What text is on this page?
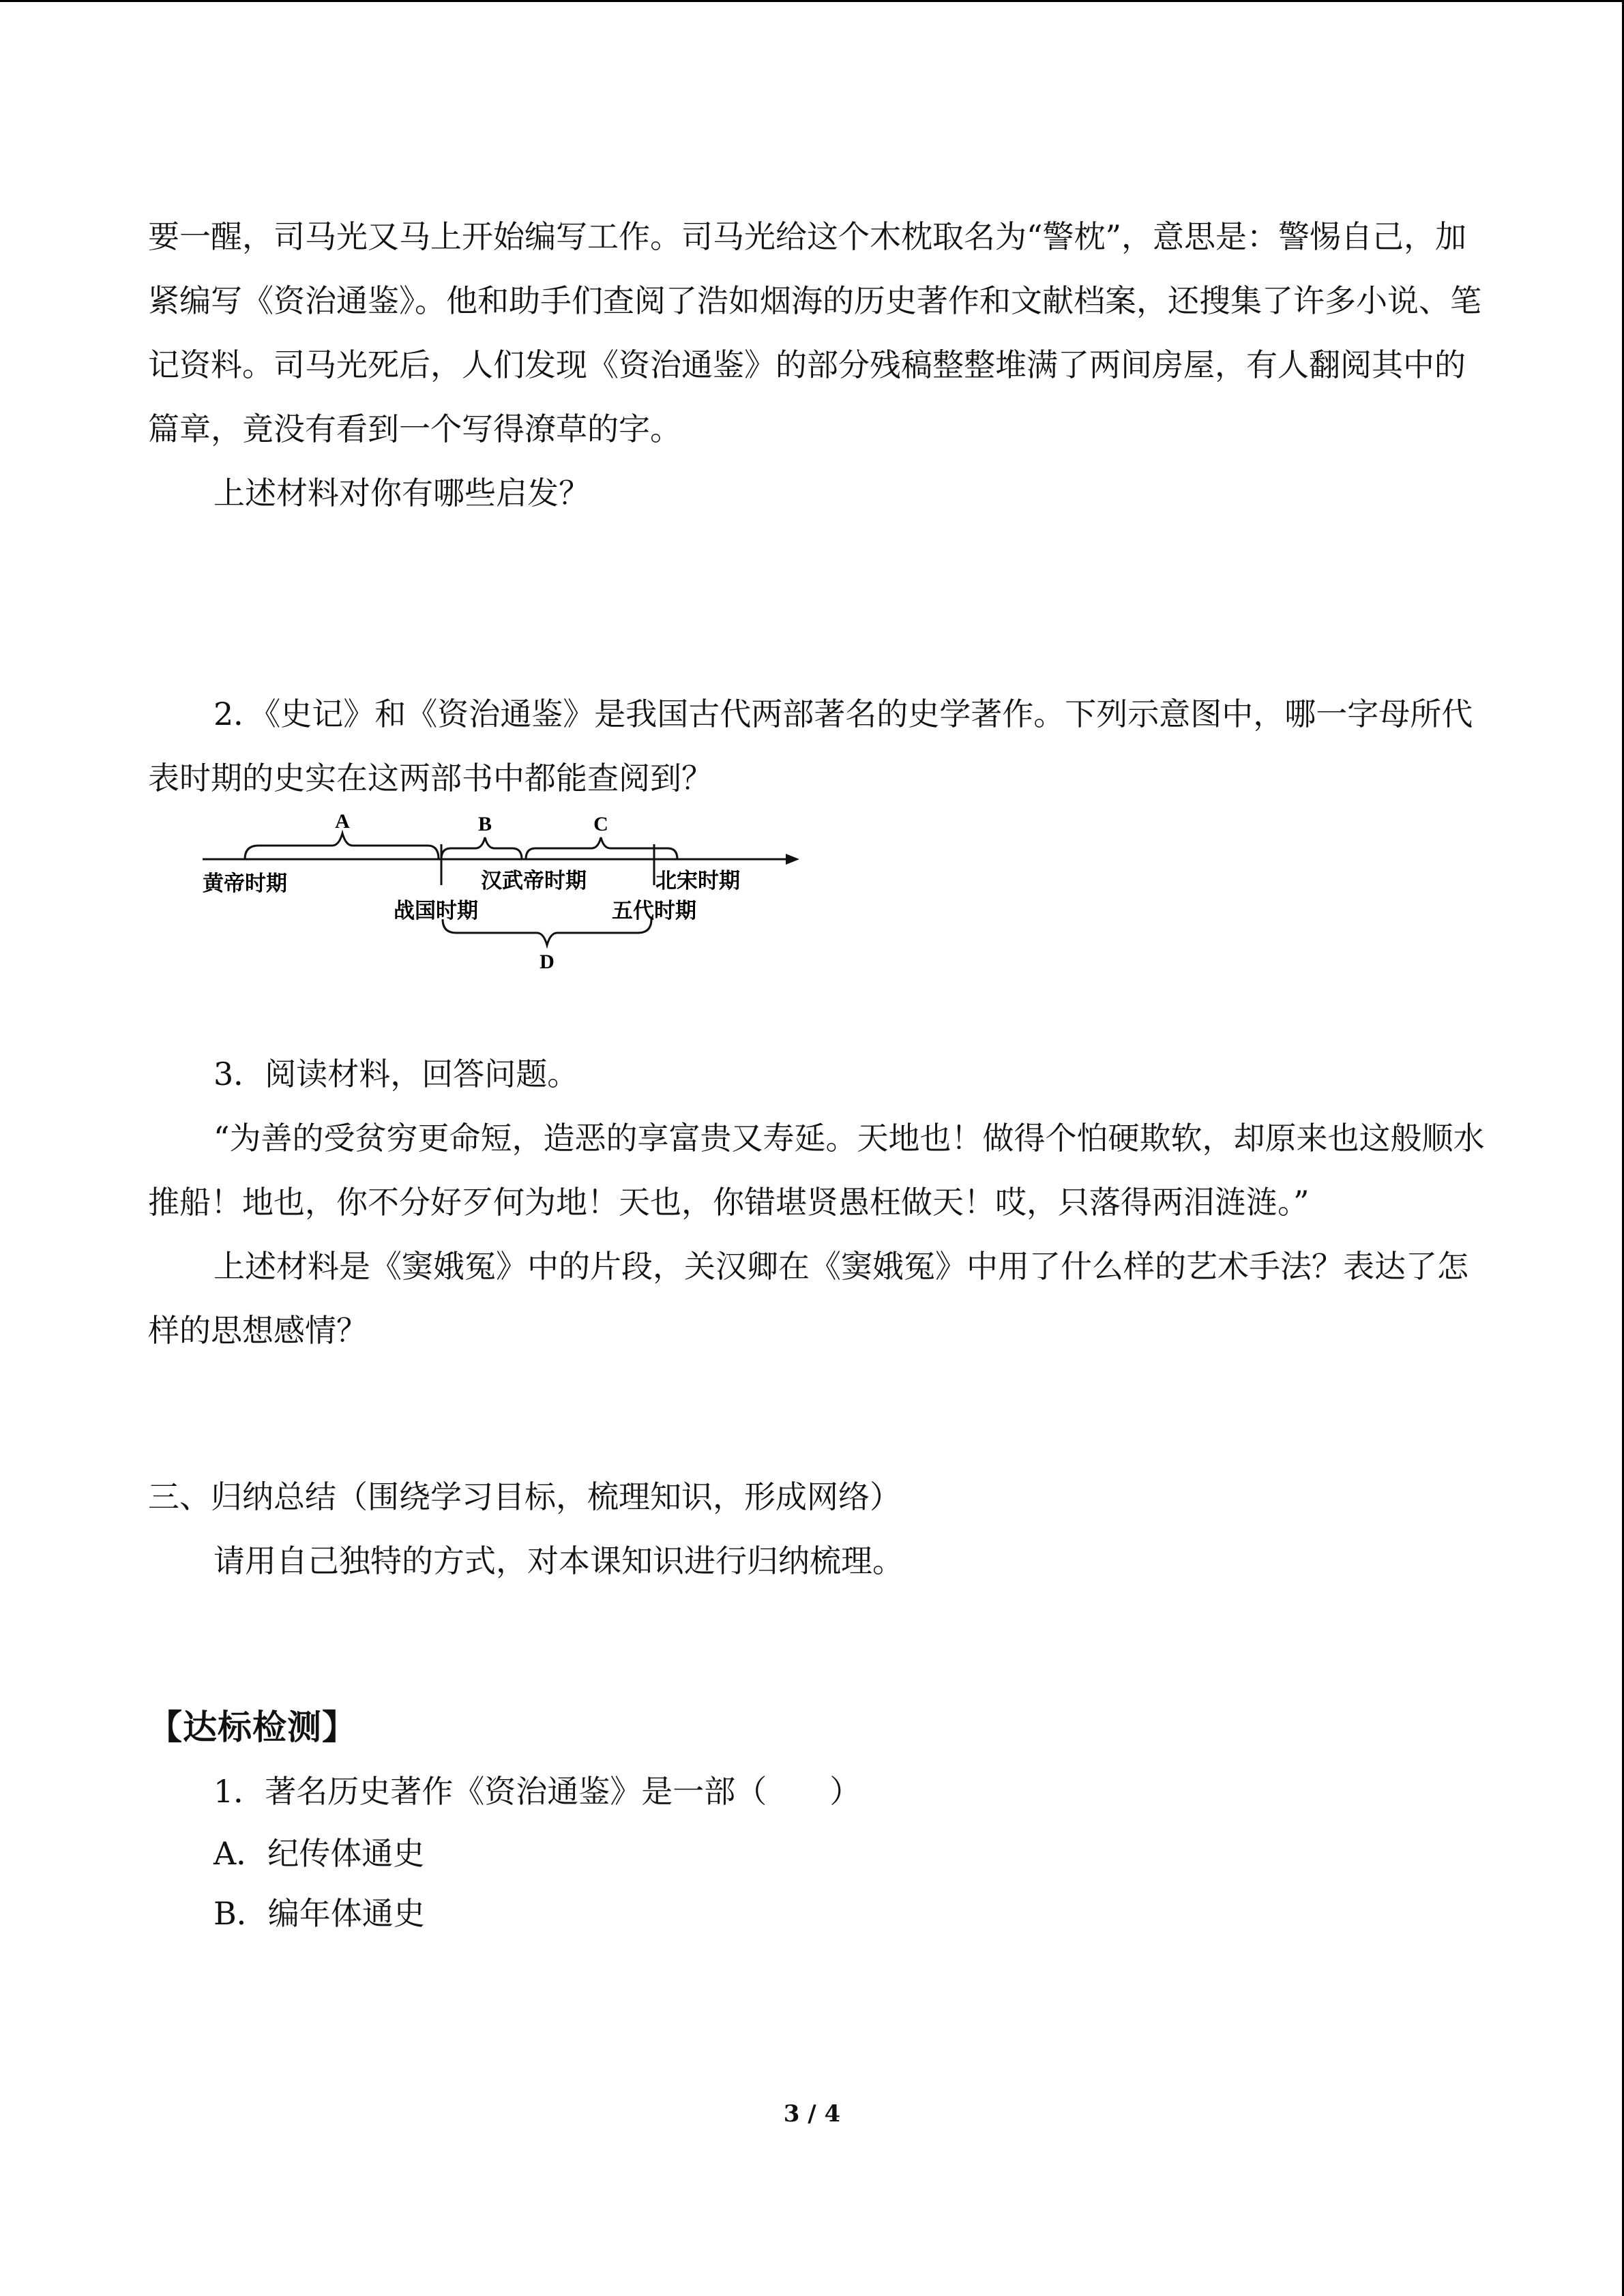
要一醒，司马光又马上开始编写工作。司马光给这个木枕取名为“警枕”，意思是：警惕自己，加紧编写《资治通鉴》。他和助手们查阅了浩如烟海的历史著作和文献档案，还搜集了许多小说、笔记资料。司马光死后，人们发现《资治通鉴》的部分残稿整整堆满了两间房屋，有人翻阅其中的篇章，竟没有看到一个写得潦草的字。

上述材料对你有哪些启发？

2．《史记》和《资治通鉴》是我国古代两部著名的史学著作。下列示意图中，哪一字母所代表时期的史实在这两部书中都能查阅到？

A	B	C
D
黄帝时期
战国时期
汉武帝时期
五代时期
北宋时期

3．阅读材料，回答问题。

“为善的受贫穷更命短，造恶的享富贵又寿延。天地也！做得个怕硬欺软，却原来也这般顺水推船！地也，你不分好歹何为地！天也，你错堪贤愚枉做天！哎，只落得两泪涟涟。”

上述材料是《窦娥冤》中的片段，关汉卿在《窦娥冤》中用了什么样的艺术手法？表达了怎样的思想感情？

三、归纳总结（围绕学习目标，梳理知识，形成网络）

请用自己独特的方式，对本课知识进行归纳梳理。

【达标检测】

1．著名历史著作《资治通鉴》是一部（　　）

A．纪传体通史

B．编年体通史

3 / 4
